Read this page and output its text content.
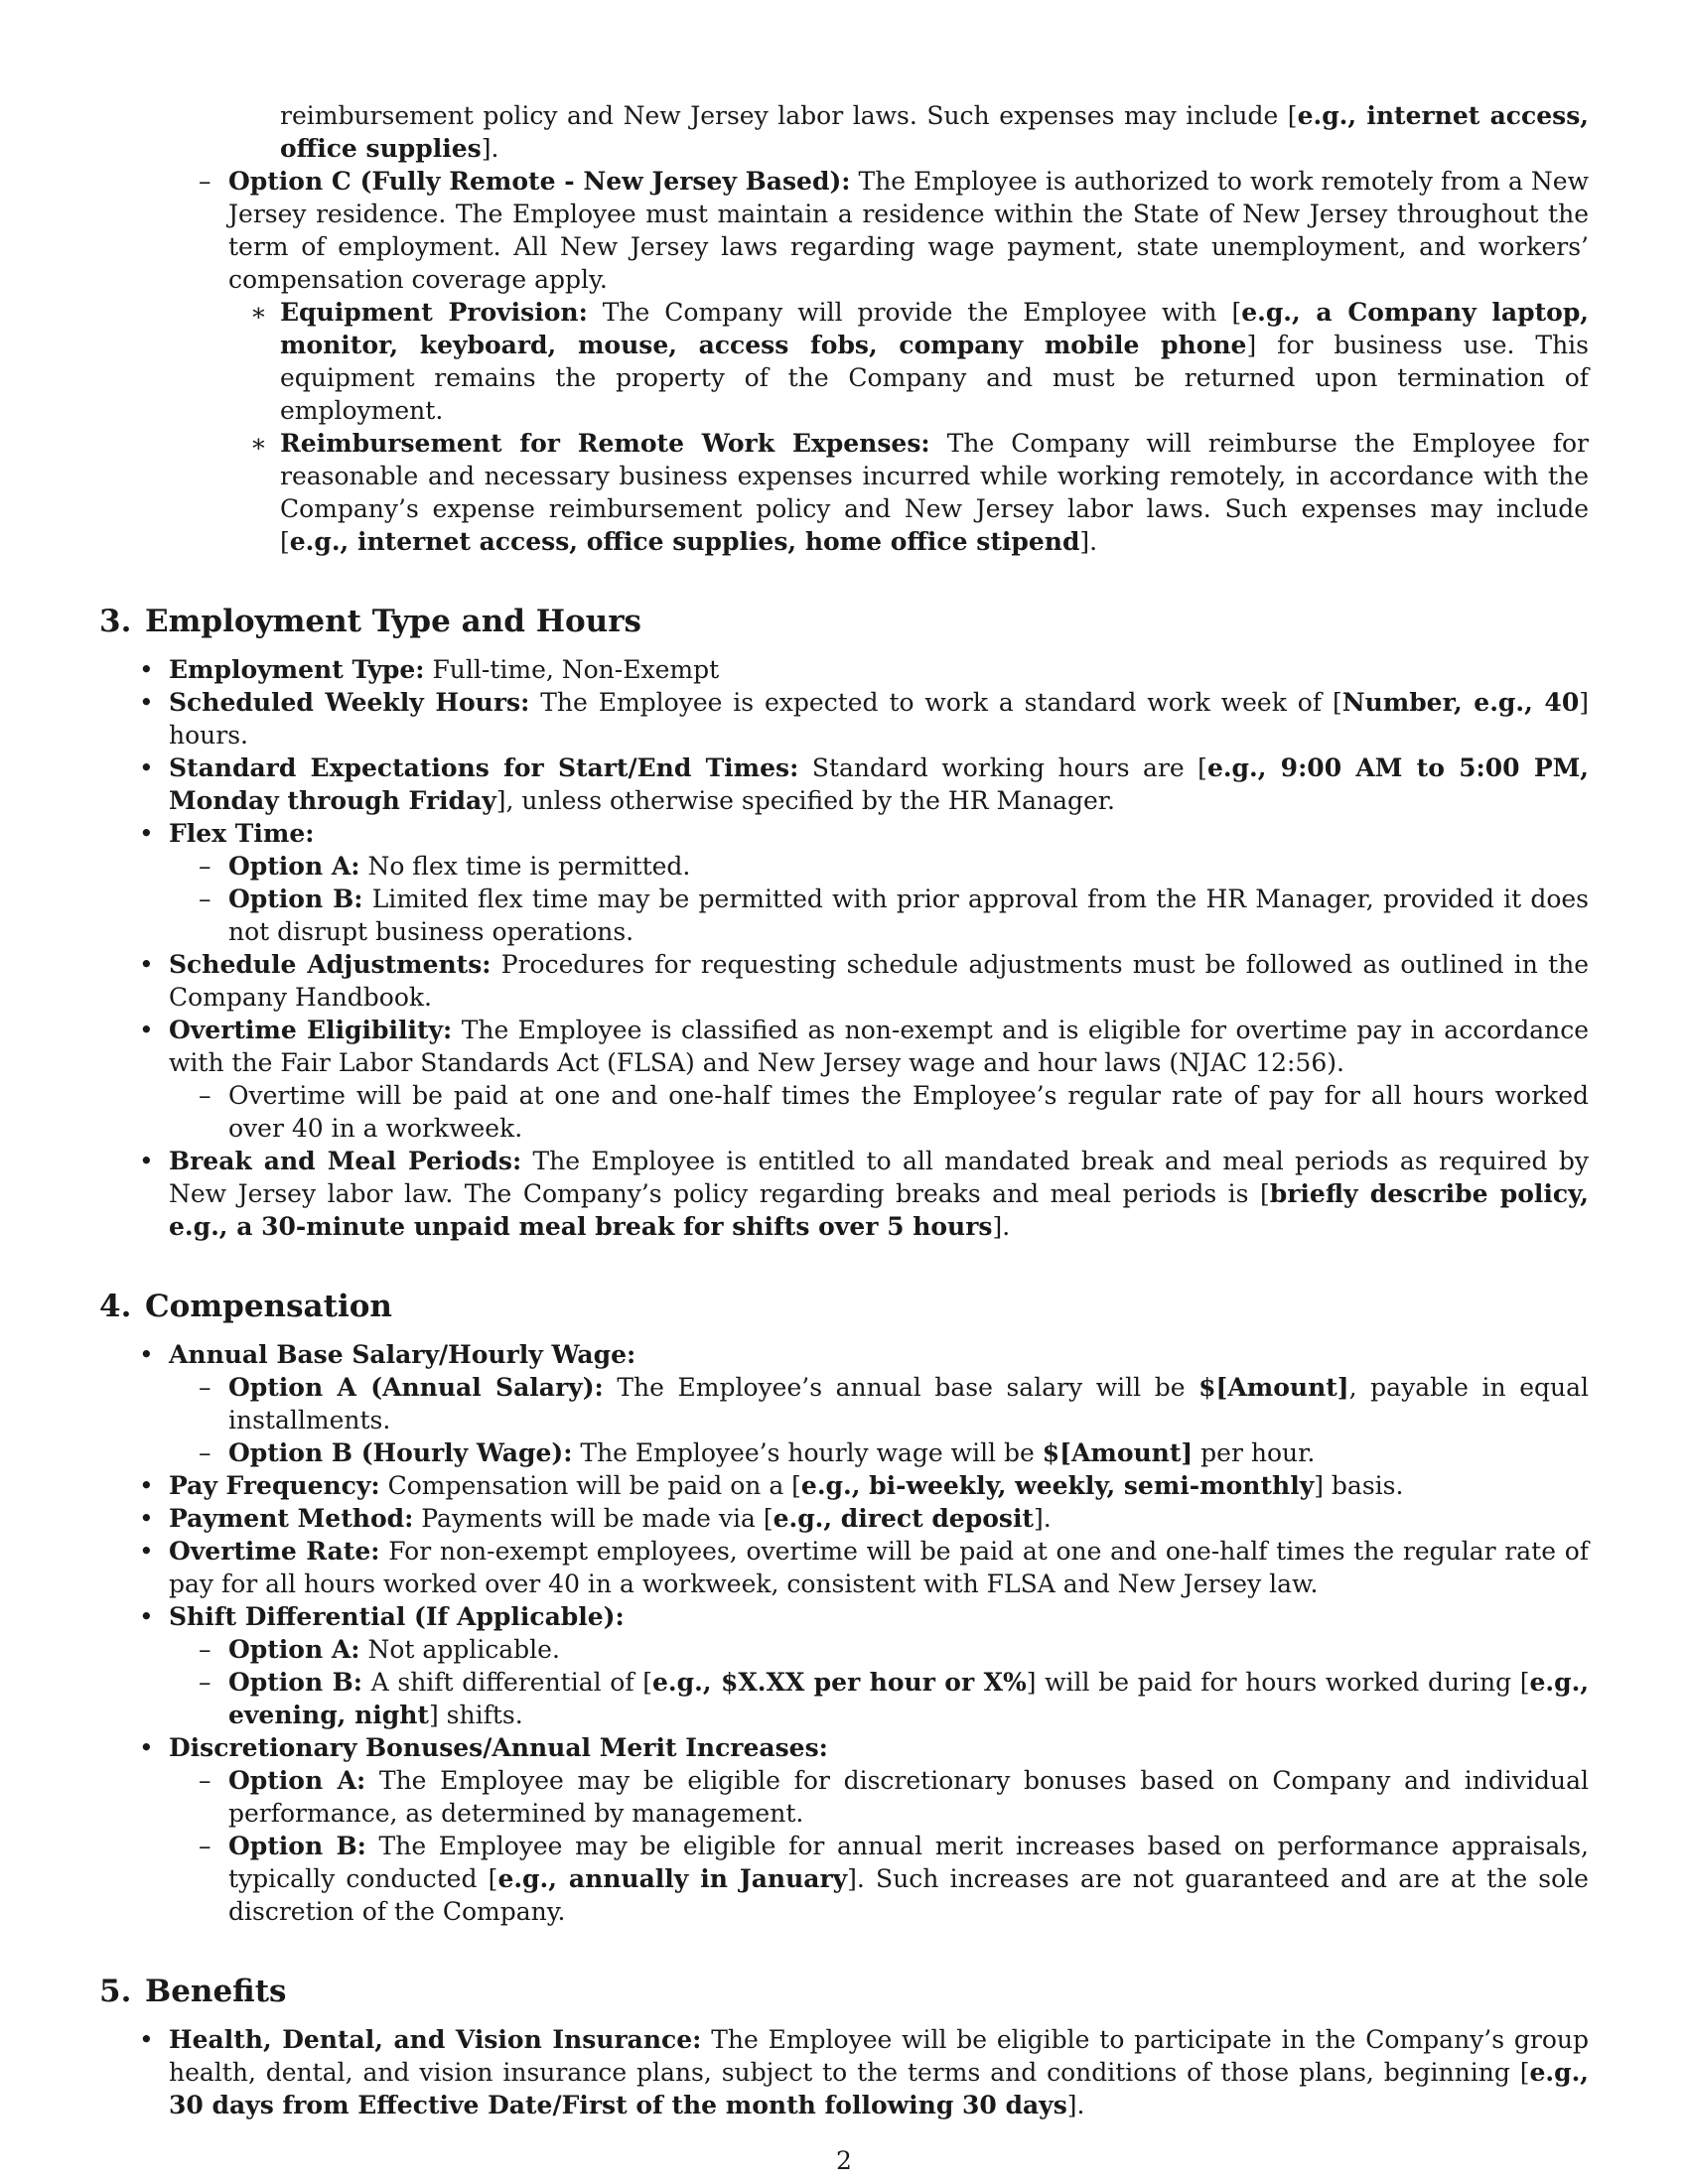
reimbursement policy and New Jersey labor laws. Such expenses may include [e.g., internet access, office supplies].

– Option C (Fully Remote - New Jersey Based): The Employee is authorized to work remotely from a New Jersey residence. The Employee must maintain a residence within the State of New Jersey throughout the term of employment. All New Jersey laws regarding wage payment, state unemployment, and workers’ compensation coverage apply.

∗ Equipment Provision: The Company will provide the Employee with [e.g., a Company laptop, monitor, keyboard, mouse, access fobs, company mobile phone] for business use. This equipment remains the property of the Company and must be returned upon termination of employment.

∗ Reimbursement for Remote Work Expenses: The Company will reimburse the Employee for reasonable and necessary business expenses incurred while working remotely, in accordance with the Company’s expense reimbursement policy and New Jersey labor laws. Such expenses may include [e.g., internet access, office supplies, home office stipend].

3. Employment Type and Hours
• Employment Type: Full-time, Non-Exempt

• Scheduled Weekly Hours: The Employee is expected to work a standard work week of [Number, e.g., 40] hours.

• Standard Expectations for Start/End Times: Standard working hours are [e.g., 9:00 AM to 5:00 PM, Monday through Friday], unless otherwise specified by the HR Manager.

• Flex Time:

– Option A: No flex time is permitted.

– Option B: Limited flex time may be permitted with prior approval from the HR Manager, provided it does not disrupt business operations.

• Schedule Adjustments: Procedures for requesting schedule adjustments must be followed as outlined in the Company Handbook.

• Overtime Eligibility: The Employee is classified as non-exempt and is eligible for overtime pay in accordance with the Fair Labor Standards Act (FLSA) and New Jersey wage and hour laws (NJAC 12:56).

– Overtime will be paid at one and one-half times the Employee’s regular rate of pay for all hours worked over 40 in a workweek.

• Break and Meal Periods: The Employee is entitled to all mandated break and meal periods as required by New Jersey labor law. The Company’s policy regarding breaks and meal periods is [briefly describe policy, e.g., a 30-minute unpaid meal break for shifts over 5 hours].

4. Compensation
• Annual Base Salary/Hourly Wage:

– Option A (Annual Salary): The Employee’s annual base salary will be $[Amount], payable in equal installments.

– Option B (Hourly Wage): The Employee’s hourly wage will be $[Amount] per hour.

• Pay Frequency: Compensation will be paid on a [e.g., bi-weekly, weekly, semi-monthly] basis.

• Payment Method: Payments will be made via [e.g., direct deposit].

• Overtime Rate: For non-exempt employees, overtime will be paid at one and one-half times the regular rate of pay for all hours worked over 40 in a workweek, consistent with FLSA and New Jersey law.

• Shift Differential (If Applicable):

– Option A: Not applicable.

– Option B: A shift differential of [e.g., $X.XX per hour or X%] will be paid for hours worked during [e.g., evening, night] shifts.

• Discretionary Bonuses/Annual Merit Increases:

– Option A: The Employee may be eligible for discretionary bonuses based on Company and individual performance, as determined by management.

– Option B: The Employee may be eligible for annual merit increases based on performance appraisals, typically conducted [e.g., annually in January]. Such increases are not guaranteed and are at the sole discretion of the Company.

5. Benefits
• Health, Dental, and Vision Insurance: The Employee will be eligible to participate in the Company’s group health, dental, and vision insurance plans, subject to the terms and conditions of those plans, beginning [e.g., 30 days from Effective Date/First of the month following 30 days].

2
